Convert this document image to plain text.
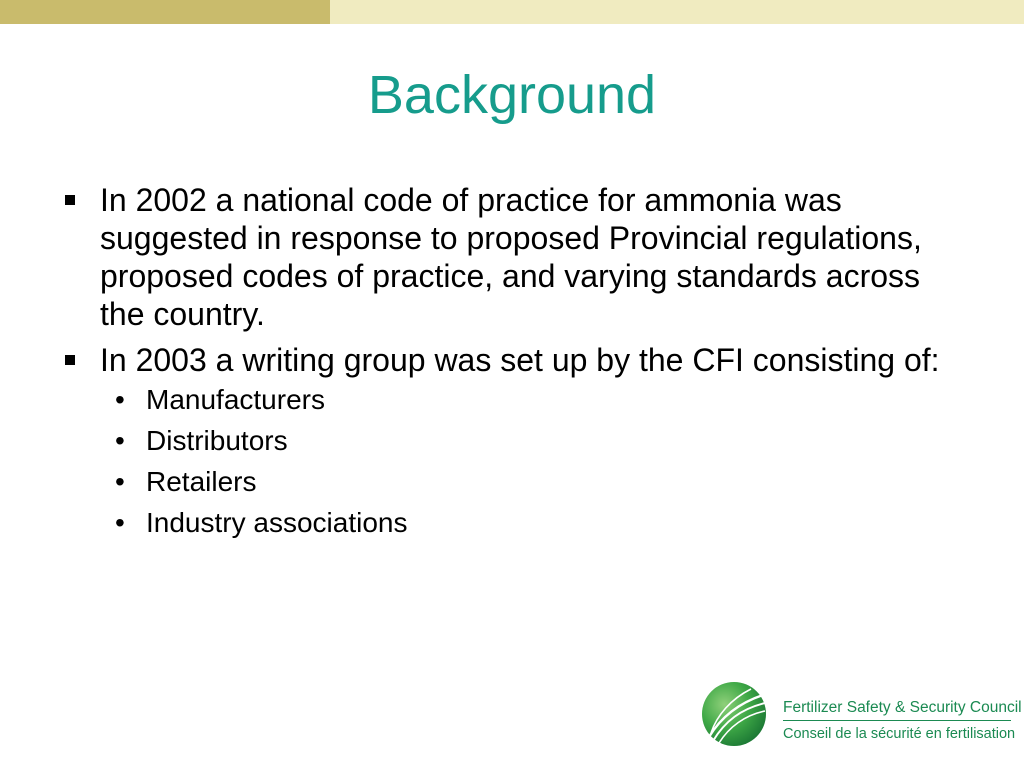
Background
In 2002 a national code of practice for ammonia was suggested in response to proposed Provincial regulations, proposed codes of practice, and varying standards across the country.
In 2003 a writing group was set up by the CFI consisting of:
• Manufacturers
• Distributors
• Retailers
• Industry associations
Fertilizer Safety & Security Council
Conseil de la sécurité en fertilisation
